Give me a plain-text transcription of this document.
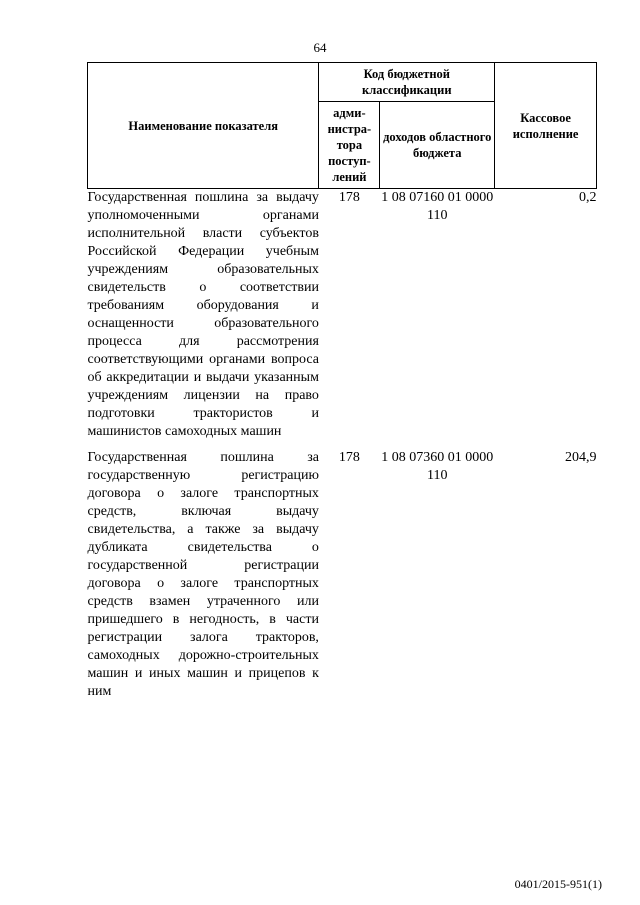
64
Наименование показателя	Код бюджетной классификации		Кассовое исполнение
	адми-нистра-тора поступ-лений	доходов областного бюджета	
Государственная пошлина за выдачу уполномоченными органами исполнительной власти субъектов Российской Федерации учебным учреждениям образовательных свидетельств о соответствии требованиям оборудования и оснащенности образовательного процесса для рассмотрения соответствующими органами вопроса об аккредитации и выдачи указанным учреждениям лицензии на право подготовки трактористов и машинистов самоходных машин	178	1 08 07160 01 0000 110	0,2
Государственная пошлина за государственную регистрацию договора о залоге транспортных средств, включая выдачу свидетельства, а также за выдачу дубликата свидетельства о государственной регистрации договора о залоге транспортных средств взамен утраченного или пришедшего в негодность, в части регистрации залога тракторов, самоходных дорожно-строительных машин и иных машин и прицепов к ним	178	1 08 07360 01 0000 110	204,9
0401/2015-951(1)
